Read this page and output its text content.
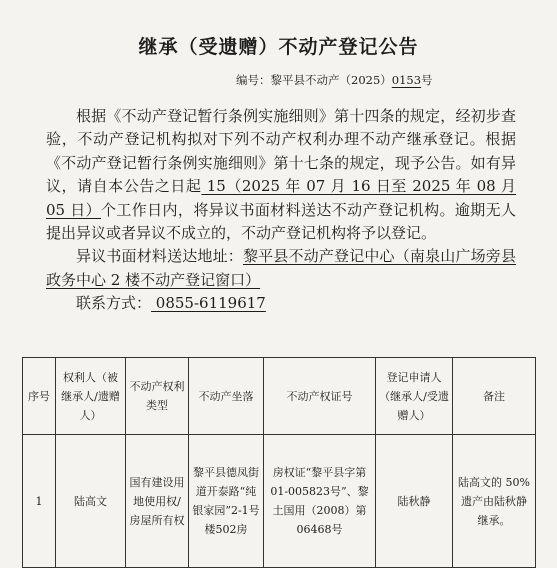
继承（受遗赠）不动产登记公告
编号：黎平县不动产（2025）0153号

根据《不动产登记暂行条例实施细则》第十四条的规定，经初步查验，不动产登记机构拟对下列不动产权利办理不动产继承登记。根据《不动产登记暂行条例实施细则》第十七条的规定，现予公告。如有异议，请自本公告之日起 15（2025 年 07 月 16 日至 2025 年 08 月 05 日）个工作日内，将异议书面材料送达不动产登记机构。逾期无人提出异议或者异议不成立的，不动产登记机构将予以登记。

异议书面材料送达地址：黎平县不动产登记中心（南泉山广场旁县政务中心 2 楼不动产登记窗口）

联系方式： 0855-6119617

序号	权利人（被继承人/遗赠人）	不动产权利类型	不动产坐落	不动产权证号	登记申请人（继承人/受遗赠人）	备注
1	陆高文	国有建设用地使用权/房屋所有权	黎平县德凤街道开泰路“纯银家园”2-1号楼502房	房权证“黎平县字第01-005823号”、黎土国用（2008）第06468号	陆秋静	陆高文的 50%遗产由陆秋静继承。
